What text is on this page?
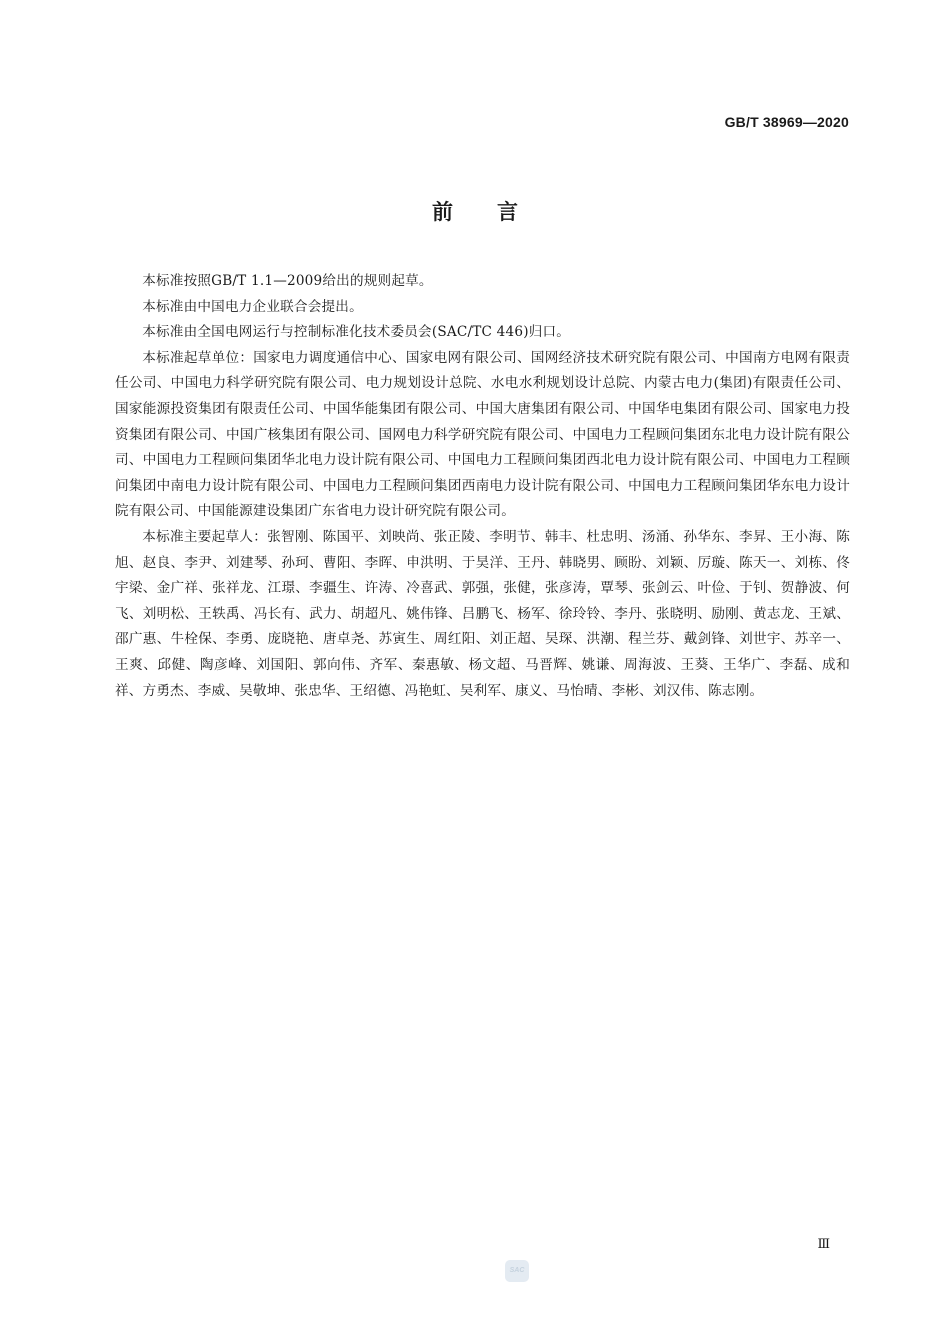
GB/T 38969—2020
前言

本标准按照GB/T 1.1—2009给出的规则起草。

本标准由中国电力企业联合会提出。

本标准由全国电网运行与控制标准化技术委员会(SAC/TC 446)归口。

本标准起草单位：国家电力调度通信中心、国家电网有限公司、国网经济技术研究院有限公司、中国南方电网有限责任公司、中国电力科学研究院有限公司、电力规划设计总院、水电水利规划设计总院、内蒙古电力(集团)有限责任公司、国家能源投资集团有限责任公司、中国华能集团有限公司、中国大唐集团有限公司、中国华电集团有限公司、国家电力投资集团有限公司、中国广核集团有限公司、国网电力科学研究院有限公司、中国电力工程顾问集团东北电力设计院有限公司、中国电力工程顾问集团华北电力设计院有限公司、中国电力工程顾问集团西北电力设计院有限公司、中国电力工程顾问集团中南电力设计院有限公司、中国电力工程顾问集团西南电力设计院有限公司、中国电力工程顾问集团华东电力设计院有限公司、中国能源建设集团广东省电力设计研究院有限公司。

本标准主要起草人：张智刚、陈国平、刘映尚、张正陵、李明节、韩丰、杜忠明、汤涌、孙华东、李昇、王小海、陈旭、赵良、李尹、刘建琴、孙珂、曹阳、李晖、申洪明、于昊洋、王丹、韩晓男、顾盼、刘颖、厉璇、陈天一、刘栋、佟宇梁、金广祥、张祥龙、江璟、李疆生、许涛、冷喜武、郭强，张健，张彦涛，覃琴、张剑云、叶俭、于钊、贺静波、何飞、刘明松、王轶禹、冯长有、武力、胡超凡、姚伟锋、吕鹏飞、杨军、徐玲铃、李丹、张晓明、励刚、黄志龙、王斌、邵广惠、牛栓保、李勇、庞晓艳、唐卓尧、苏寅生、周红阳、刘正超、吴琛、洪潮、程兰芬、戴剑锋、刘世宇、苏辛一、王爽、邱健、陶彦峰、刘国阳、郭向伟、齐军、秦惠敏、杨文超、马晋辉、姚谦、周海波、王葵、王华广、李磊、成和祥、方勇杰、李威、吴敬坤、张忠华、王绍德、冯艳虹、吴利军、康义、马怡晴、李彬、刘汉伟、陈志刚。

Ⅲ
SAC
